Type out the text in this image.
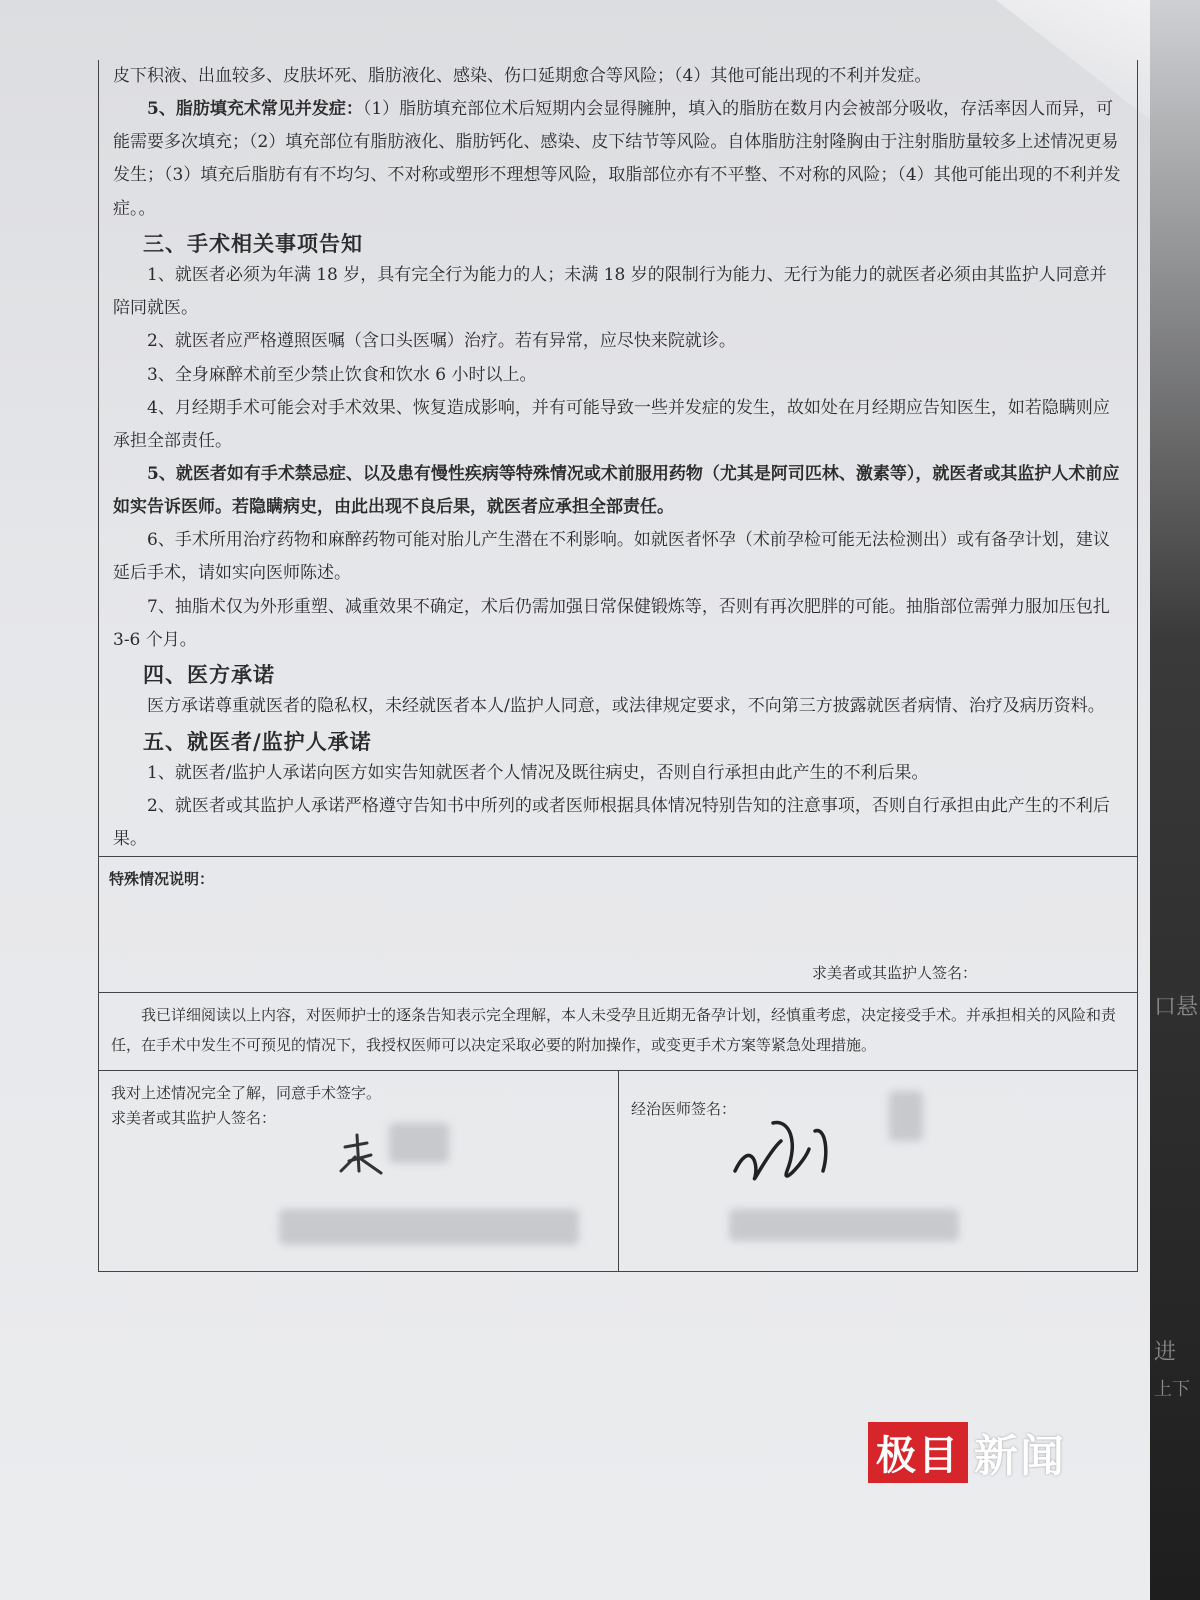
皮下积液、出血较多、皮肤坏死、脂肪液化、感染、伤口延期愈合等风险；（4）其他可能出现的不利并发症。

5、脂肪填充术常见并发症：（1）脂肪填充部位术后短期内会显得臃肿，填入的脂肪在数月内会被部分吸收，存活率因人而异，可能需要多次填充；（2）填充部位有脂肪液化、脂肪钙化、感染、皮下结节等风险。自体脂肪注射隆胸由于注射脂肪量较多上述情况更易发生；（3）填充后脂肪有有不均匀、不对称或塑形不理想等风险，取脂部位亦有不平整、不对称的风险；（4）其他可能出现的不利并发症。。

三、手术相关事项告知

1、就医者必须为年满 18 岁，具有完全行为能力的人；未满 18 岁的限制行为能力、无行为能力的就医者必须由其监护人同意并陪同就医。

2、就医者应严格遵照医嘱（含口头医嘱）治疗。若有异常，应尽快来院就诊。

3、全身麻醉术前至少禁止饮食和饮水 6 小时以上。

4、月经期手术可能会对手术效果、恢复造成影响，并有可能导致一些并发症的发生，故如处在月经期应告知医生，如若隐瞒则应承担全部责任。

5、就医者如有手术禁忌症、以及患有慢性疾病等特殊情况或术前服用药物（尤其是阿司匹林、激素等），就医者或其监护人术前应如实告诉医师。若隐瞒病史，由此出现不良后果，就医者应承担全部责任。

6、手术所用治疗药物和麻醉药物可能对胎儿产生潜在不利影响。如就医者怀孕（术前孕检可能无法检测出）或有备孕计划，建议延后手术，请如实向医师陈述。

7、抽脂术仅为外形重塑、减重效果不确定，术后仍需加强日常保健锻炼等，否则有再次肥胖的可能。抽脂部位需弹力服加压包扎 3-6 个月。

四、医方承诺

医方承诺尊重就医者的隐私权，未经就医者本人/监护人同意，或法律规定要求，不向第三方披露就医者病情、治疗及病历资料。

五、就医者/监护人承诺

1、就医者/监护人承诺向医方如实告知就医者个人情况及既往病史，否则自行承担由此产生的不利后果。

2、就医者或其监护人承诺严格遵守告知书中所列的或者医师根据具体情况特别告知的注意事项，否则自行承担由此产生的不利后果。

特殊情况说明：
求美者或其监护人签名：
我已详细阅读以上内容，对医师护士的逐条告知表示完全理解，本人未受孕且近期无备孕计划，经慎重考虑，决定接受手术。并承担相关的风险和责任，在手术中发生不可预见的情况下，我授权医师可以决定采取必要的附加操作，或变更手术方案等紧急处理措施。
我对上述情况完全了解，同意手术签字。
求美者或其监护人签名：
经治医师签名：
口悬
进
上下
极目 新闻
